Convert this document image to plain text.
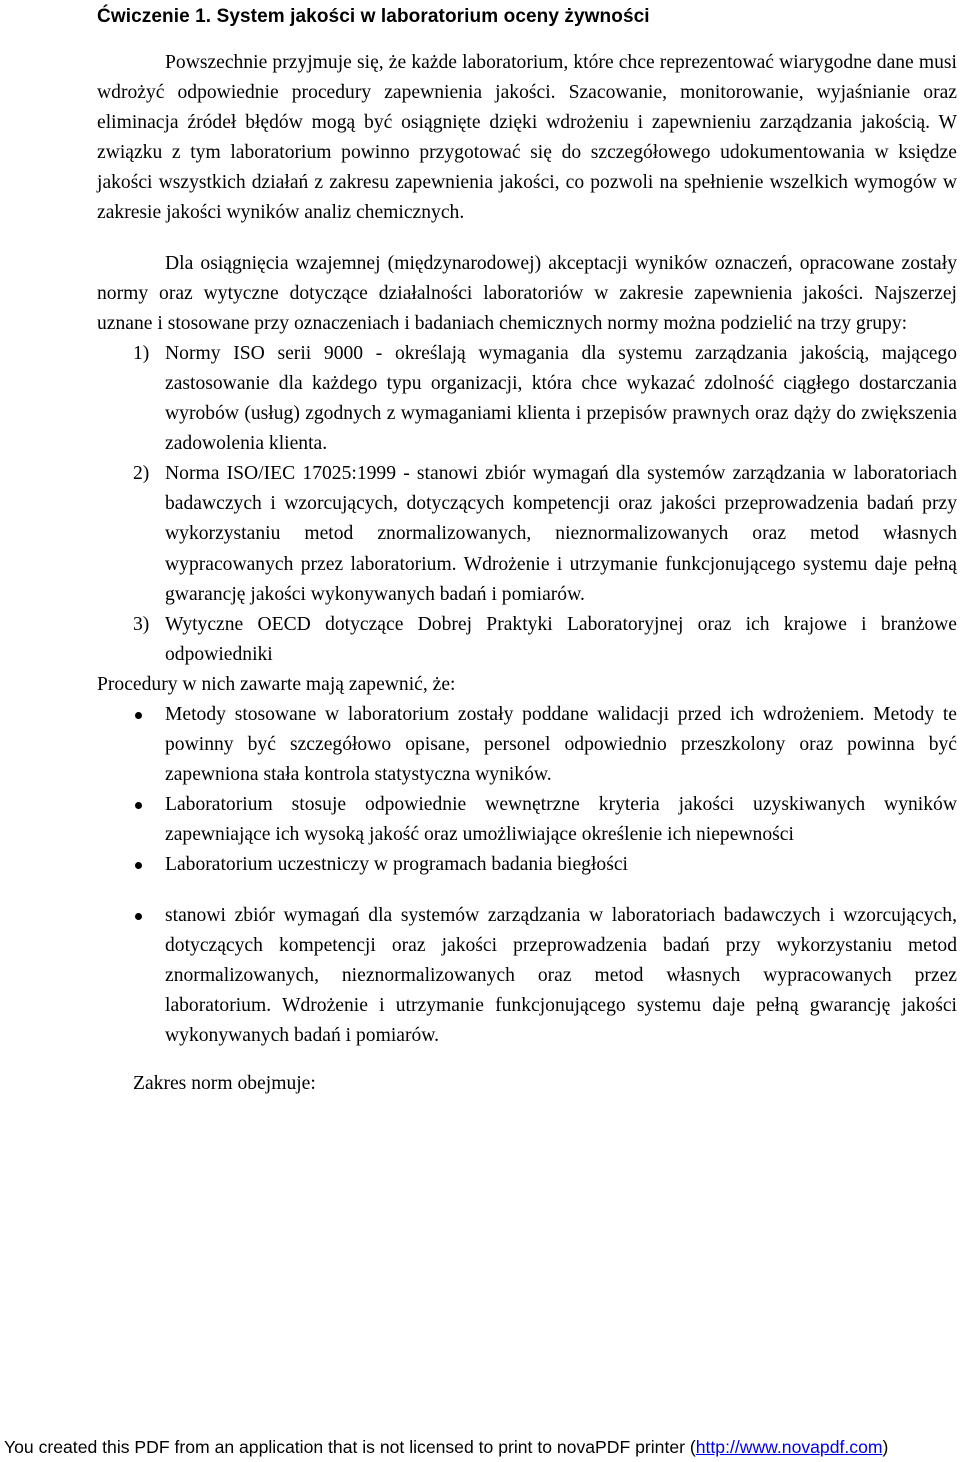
Ćwiczenie 1. System jakości w laboratorium oceny żywności

Powszechnie przyjmuje się, że każde laboratorium, które chce reprezentować wiarygodne dane musi wdrożyć odpowiednie procedury zapewnienia jakości. Szacowanie, monitorowanie, wyjaśnianie oraz eliminacja źródeł błędów mogą być osiągnięte dzięki wdrożeniu i zapewnieniu zarządzania jakością. W związku z tym laboratorium powinno przygotować się do szczegółowego udokumentowania w księdze jakości wszystkich działań z zakresu zapewnienia jakości, co pozwoli na spełnienie wszelkich wymogów w zakresie jakości wyników analiz chemicznych.

Dla osiągnięcia wzajemnej (międzynarodowej) akceptacji wyników oznaczeń, opracowane zostały normy oraz wytyczne dotyczące działalności laboratoriów w zakresie zapewnienia jakości. Najszerzej uznane i stosowane przy oznaczeniach i badaniach chemicznych normy można podzielić na trzy grupy:

1) Normy ISO serii 9000 - określają wymagania dla systemu zarządzania jakością, mającego zastosowanie dla każdego typu organizacji, która chce wykazać zdolność ciągłego dostarczania wyrobów (usług) zgodnych z wymaganiami klienta i przepisów prawnych oraz dąży do zwiększenia zadowolenia klienta.
2) Norma ISO/IEC 17025:1999 - stanowi zbiór wymagań dla systemów zarządzania w laboratoriach badawczych i wzorcujących, dotyczących kompetencji oraz jakości przeprowadzenia badań przy wykorzystaniu metod znormalizowanych, nieznormalizowanych oraz metod własnych wypracowanych przez laboratorium. Wdrożenie i utrzymanie funkcjonującego systemu daje pełną gwarancję jakości wykonywanych badań i pomiarów.
3) Wytyczne OECD dotyczące Dobrej Praktyki Laboratoryjnej oraz ich krajowe i branżowe odpowiedniki

Procedury w nich zawarte mają zapewnić, że:

Metody stosowane w laboratorium zostały poddane walidacji przed ich wdrożeniem. Metody te powinny być szczegółowo opisane, personel odpowiednio przeszkolony oraz powinna być zapewniona stała kontrola statystyczna wyników.
Laboratorium stosuje odpowiednie wewnętrzne kryteria jakości uzyskiwanych wyników zapewniające ich wysoką jakość oraz umożliwiające określenie ich niepewności
Laboratorium uczestniczy w programach badania biegłości
stanowi zbiór wymagań dla systemów zarządzania w laboratoriach badawczych i wzorcujących, dotyczących kompetencji oraz jakości przeprowadzenia badań przy wykorzystaniu metod znormalizowanych, nieznormalizowanych oraz metod własnych wypracowanych przez laboratorium. Wdrożenie i utrzymanie funkcjonującego systemu daje pełną gwarancję jakości wykonywanych badań i pomiarów.

Zakres norm obejmuje:

You created this PDF from an application that is not licensed to print to novaPDF printer (http://www.novapdf.com)
